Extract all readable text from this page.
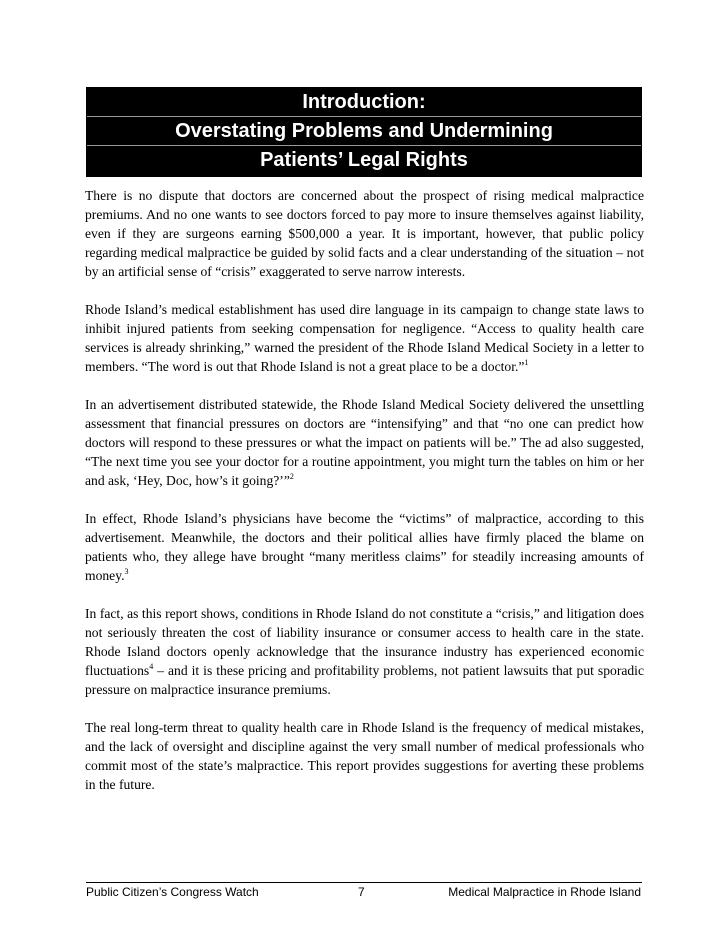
Introduction:
Overstating Problems and Undermining
Patients’ Legal Rights

There is no dispute that doctors are concerned about the prospect of rising medical malpractice premiums. And no one wants to see doctors forced to pay more to insure themselves against liability, even if they are surgeons earning $500,000 a year. It is important, however, that public policy regarding medical malpractice be guided by solid facts and a clear understanding of the situation – not by an artificial sense of “crisis” exaggerated to serve narrow interests.

Rhode Island’s medical establishment has used dire language in its campaign to change state laws to inhibit injured patients from seeking compensation for negligence. “Access to quality health care services is already shrinking,” warned the president of the Rhode Island Medical Society in a letter to members. “The word is out that Rhode Island is not a great place to be a doctor.”$^1$

In an advertisement distributed statewide, the Rhode Island Medical Society delivered the unsettling assessment that financial pressures on doctors are “intensifying” and that “no one can predict how doctors will respond to these pressures or what the impact on patients will be.” The ad also suggested, “The next time you see your doctor for a routine appointment, you might turn the tables on him or her and ask, ‘Hey, Doc, how’s it going?’”$^2$

In effect, Rhode Island’s physicians have become the “victims” of malpractice, according to this advertisement. Meanwhile, the doctors and their political allies have firmly placed the blame on patients who, they allege have brought “many meritless claims” for steadily increasing amounts of money.$^3$

In fact, as this report shows, conditions in Rhode Island do not constitute a “crisis,” and litigation does not seriously threaten the cost of liability insurance or consumer access to health care in the state. Rhode Island doctors openly acknowledge that the insurance industry has experienced economic fluctuations$^4$ – and it is these pricing and profitability problems, not patient lawsuits that put sporadic pressure on malpractice insurance premiums.

The real long-term threat to quality health care in Rhode Island is the frequency of medical mistakes, and the lack of oversight and discipline against the very small number of medical professionals who commit most of the state’s malpractice. This report provides suggestions for averting these problems in the future.

Public Citizen’s Congress Watch	7	Medical Malpractice in Rhode Island
